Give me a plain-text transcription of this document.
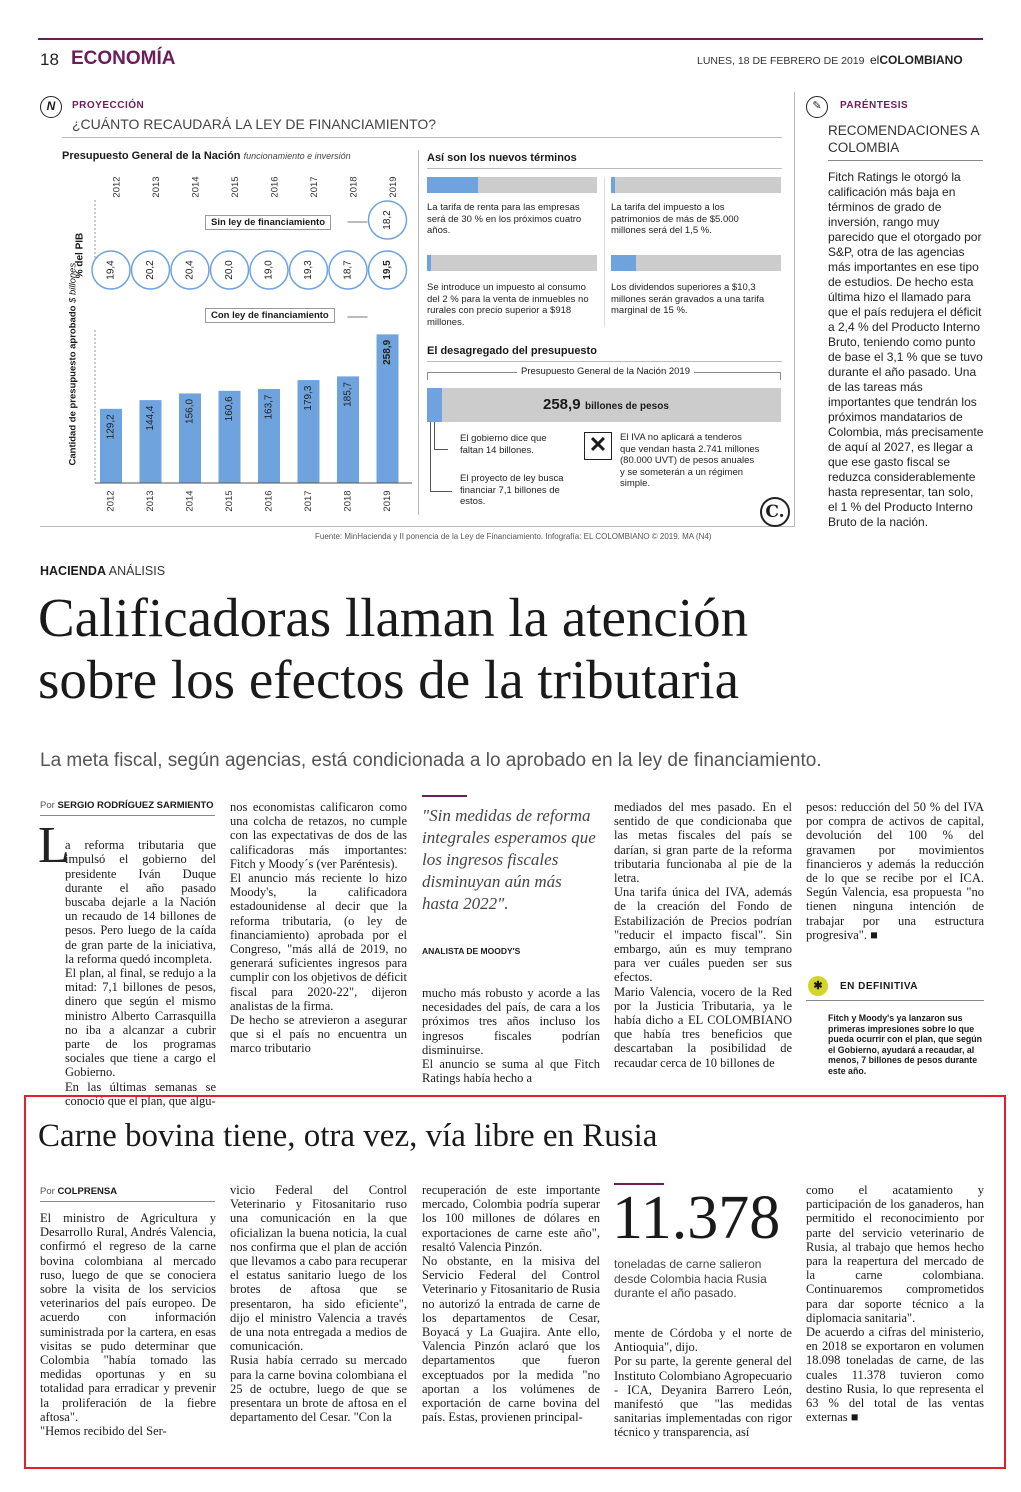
18 ECONOMÍA	LUNES, 18 DE FEBRERO DE 2019 elCOLOMBIANO
N	PROYECCIÓN
¿CUÁNTO RECAUDARÁ LA LEY DE FINANCIAMIENTO?
Presupuesto General de la Nación funcionamiento e inversión
2012
19,4
129,2
2012
2013
20,2
144,4
2013
2014
20,4
156,0
2014
2015
20,0
160,6
2015
2016
19,0
163,7
2016
2017
19,3
179,3
2017
2018
18,7
185,7
2018
2019
19,5
258,9
2019
18,2
% del PIB
Cantidad de presupuesto aprobado $ billones
Sin ley de financiamiento
Con ley de financiamiento
Así son los nuevos términos
La tarifa de renta para las empresas será de 30 % en los próximos cuatro años.
La tarifa del impuesto a los patrimonios de más de $5.000 millones será del 1,5 %.
Se introduce un impuesto al consumo del 2 % para la venta de inmuebles no rurales con precio superior a $918 millones.
Los dividendos superiores a $10,3 millones serán gravados a una tarifa marginal de 15 %.
El desagregado del presupuesto
Presupuesto General de la Nación 2019
258,9 billones de pesos
El gobierno dice que faltan 14 billones.
El proyecto de ley busca financiar 7,1 billones de estos.
✕	El IVA no aplicará a tenderos que vendan hasta 2.741 millones (80.000 UVT) de pesos anuales y se someterán a un régimen simple.
C.
Fuente: MinHacienda y II ponencia de la Ley de Financiamiento. Infografía: EL COLOMBIANO © 2019. MA (N4)
✎	PARÉNTESIS
RECOMENDACIONES A COLOMBIA
Fitch Ratings le otorgó la calificación más baja en términos de grado de inversión, rango muy parecido que el otorgado por S&P, otra de las agencias más importantes en ese tipo de estudios. De hecho esta última hizo el llamado para que el país redujera el déficit a 2,4 % del Producto Interno Bruto, teniendo como punto de base el 3,1 % que se tuvo durante el año pasado. Una de las tareas más importantes que tendrán los próximos mandatarios de Colombia, más precisamente de aquí al 2027, es llegar a que ese gasto fiscal se reduzca considerablemente hasta representar, tan solo, el 1 % del Producto Interno Bruto de la nación.
HACIENDA ANÁLISIS
Calificadoras llaman la atención
sobre los efectos de la tributaria
La meta fiscal, según agencias, está condicionada a lo aprobado en la ley de financiamiento.
Por SERGIO RODRÍGUEZ SARMIENTO
L

a reforma tributaria que impulsó el gobierno del presidente Iván Duque durante el año pasado buscaba dejarle a la Nación un recaudo de 14 billones de pesos. Pero luego de la caída de gran parte de la iniciativa, la reforma quedó incompleta.
El plan, al final, se redujo a la mitad: 7,1 billones de pesos, dinero que según el mismo ministro Alberto Carrasquilla no iba a alcanzar a cubrir parte de los programas sociales que tiene a cargo el Gobierno.
En las últimas semanas se conoció que el plan, que algu-

nos economistas calificaron como una colcha de retazos, no cumple con las expectativas de dos de las calificadoras más importantes: Fitch y Moody´s (ver Paréntesis).
El anuncio más reciente lo hizo Moody's, la calificadora estadounidense al decir que la reforma tributaria, (o ley de financiamiento) aprobada por el Congreso, "más allá de 2019, no generará suficientes ingresos para cumplir con los objetivos de déficit fiscal para 2020-22", dijeron analistas de la firma.
De hecho se atrevieron a asegurar que si el país no encuentra un marco tributario
"Sin medidas de reforma integrales esperamos que los ingresos fiscales disminuyan aún más hasta 2022".
ANALISTA DE MOODY'S
mucho más robusto y acorde a las necesidades del país, de cara a los próximos tres años incluso los ingresos fiscales podrían disminuirse.
El anuncio se suma al que Fitch Ratings había hecho a
mediados del mes pasado. En el sentido de que condicionaba que las metas fiscales del país se darían, si gran parte de la reforma tributaria funcionaba al pie de la letra.
Una tarifa única del IVA, además de la creación del Fondo de Estabilización de Precios podrían "reducir el impacto fiscal". Sin embargo, aún es muy temprano para ver cuáles pueden ser sus efectos.
Mario Valencia, vocero de la Red por la Justicia Tributaria, ya le había dicho a EL COLOMBIANO que había tres beneficios que descartaban la posibilidad de recaudar cerca de 10 billones de
pesos: reducción del 50 % del IVA por compra de activos de capital, devolución del 100 % del gravamen por movimientos financieros y además la reducción de lo que se recibe por el ICA. Según Valencia, esa propuesta "no tienen ninguna intención de trabajar por una estructura progresiva". ■
✱	EN DEFINITIVA
Fitch y Moody's ya lanzaron sus primeras impresiones sobre lo que pueda ocurrir con el plan, que según el Gobierno, ayudará a recaudar, al menos, 7 billones de pesos durante este año.
Carne bovina tiene, otra vez, vía libre en Rusia
Por COLPRENSA
El ministro de Agricultura y Desarrollo Rural, Andrés Valencia, confirmó el regreso de la carne bovina colombiana al mercado ruso, luego de que se conociera sobre la visita de los servicios veterinarios del país europeo. De acuerdo con información suministrada por la cartera, en esas visitas se pudo determinar que Colombia "había tomado las medidas oportunas y en su totalidad para erradicar y prevenir la proliferación de la fiebre aftosa".
"Hemos recibido del Ser-
vicio Federal del Control Veterinario y Fitosanitario ruso una comunicación en la que oficializan la buena noticia, la cual nos confirma que el plan de acción que llevamos a cabo para recuperar el estatus sanitario luego de los brotes de aftosa que se presentaron, ha sido eficiente", dijo el ministro Valencia a través de una nota entregada a medios de comunicación.
Rusia había cerrado su mercado para la carne bovina colombiana el 25 de octubre, luego de que se presentara un brote de aftosa en el departamento del Cesar. "Con la
recuperación de este importante mercado, Colombia podría superar los 100 millones de dólares en exportaciones de carne este año", resaltó Valencia Pinzón.
No obstante, en la misiva del Servicio Federal del Control Veterinario y Fitosanitario de Rusia no autorizó la entrada de carne de los departamentos de Cesar, Boyacá y La Guajira. Ante ello, Valencia Pinzón aclaró que los departamentos que fueron exceptuados por la medida "no aportan a los volúmenes de exportación de carne bovina del país. Estas, provienen principal-
11.378
toneladas de carne salieron desde Colombia hacia Rusia durante el año pasado.
mente de Córdoba y el norte de Antioquia", dijo.
Por su parte, la gerente general del Instituto Colombiano Agropecuario - ICA, Deyanira Barrero León, manifestó que "las medidas sanitarias implementadas con rigor técnico y transparencia, así
como el acatamiento y participación de los ganaderos, han permitido el reconocimiento por parte del servicio veterinario de Rusia, al trabajo que hemos hecho para la reapertura del mercado de la carne colombiana. Continuaremos comprometidos para dar soporte técnico a la diplomacia sanitaria".
De acuerdo a cifras del ministerio, en 2018 se exportaron en volumen 18.098 toneladas de carne, de las cuales 11.378 tuvieron como destino Rusia, lo que representa el 63 % del total de las ventas externas ■
